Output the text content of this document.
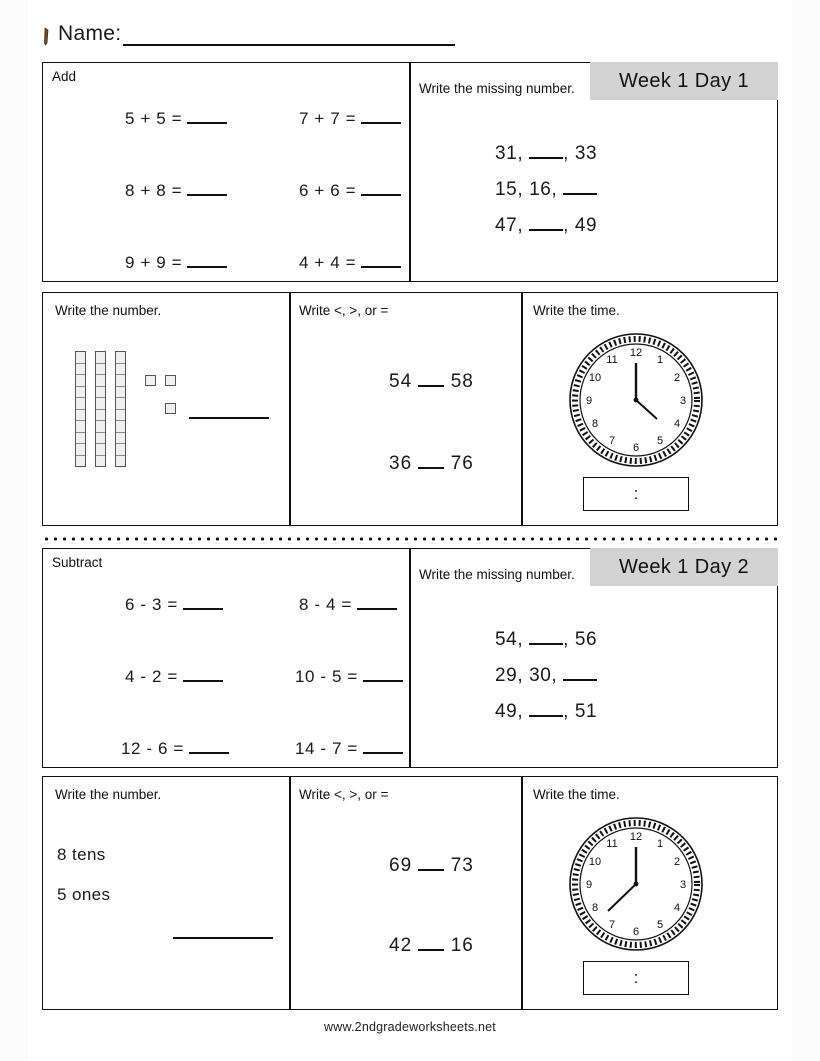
Name:
Add
5 + 5 =	7 + 7 =
8 + 8 =	6 + 6 =
9 + 9 =	4 + 4 =
Write the missing number.
31, , 33
15, 16,
47, , 49
Week 1 Day 1
Write the number.	Write <, >, or =
54 58
36 76
Write the time.
12
1
2
3
4
5
6
7
8
9
10
11
:
Subtract
6 - 3 =	8 - 4 =
4 - 2 =	10 - 5 =
12 - 6 =	14 - 7 =
Write the missing number.
54, , 56
29, 30,
49, , 51
Week 1 Day 2
Write the number.
8 tens
5 ones
Write <, >, or =
69 73
42 16
Write the time.
12
1
2
3
4
5
6
7
8
9
10
11
:
www.2ndgradeworksheets.net
